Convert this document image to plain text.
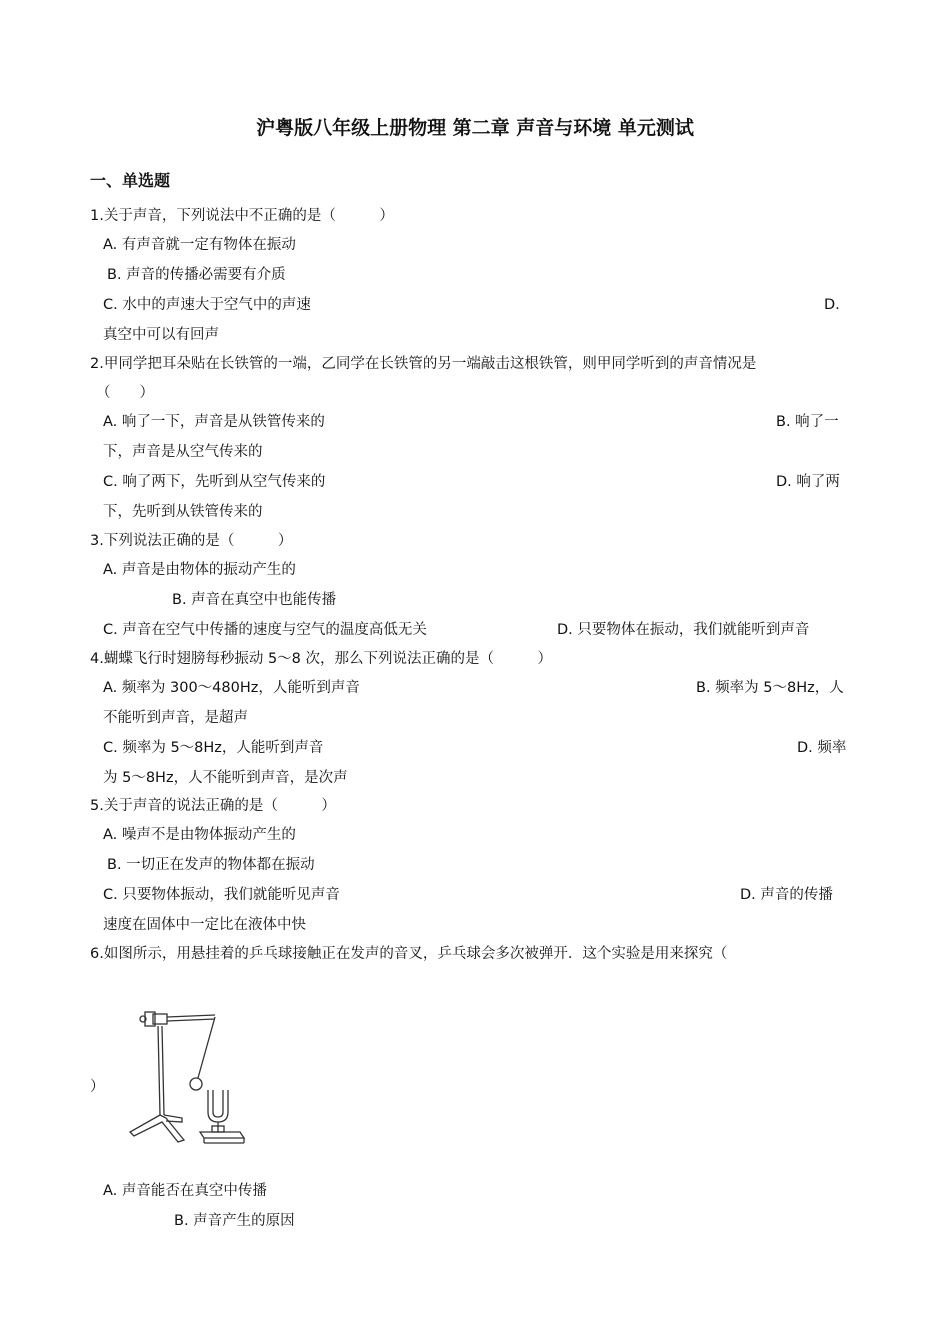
沪粤版八年级上册物理 第二章 声音与环境 单元测试
一、单选题
1.关于声音，下列说法中不正确的是（　　　）
A. 有声音就一定有物体在振动
B. 声音的传播必需要有介质
C. 水中的声速大于空气中的声速	D.
真空中可以有回声
2.甲同学把耳朵贴在长铁管的一端，乙同学在长铁管的另一端敲击这根铁管，则甲同学听到的声音情况是
（　　）
A. 响了一下，声音是从铁管传来的	B. 响了一
下，声音是从空气传来的
C. 响了两下，先听到从空气传来的	D. 响了两
下，先听到从铁管传来的
3.下列说法正确的是（　　　）
A. 声音是由物体的振动产生的
B. 声音在真空中也能传播
C. 声音在空气中传播的速度与空气的温度高低无关	D. 只要物体在振动，我们就能听到声音
4.蝴蝶飞行时翅膀每秒振动 5～8 次，那么下列说法正确的是（　　　）
A. 频率为 300～480Hz，人能听到声音	B. 频率为 5～8Hz，人
不能听到声音，是超声
C. 频率为 5～8Hz，人能听到声音	D. 频率
为 5～8Hz，人不能听到声音，是次声
5.关于声音的说法正确的是（　　　）
A. 噪声不是由物体振动产生的
B. 一切正在发声的物体都在振动
C. 只要物体振动，我们就能听见声音	D. 声音的传播
速度在固体中一定比在液体中快
6.如图所示，用悬挂着的乒乓球接触正在发声的音叉，乒乓球会多次被弹开．这个实验是用来探究（
）
A. 声音能否在真空中传播
B. 声音产生的原因
